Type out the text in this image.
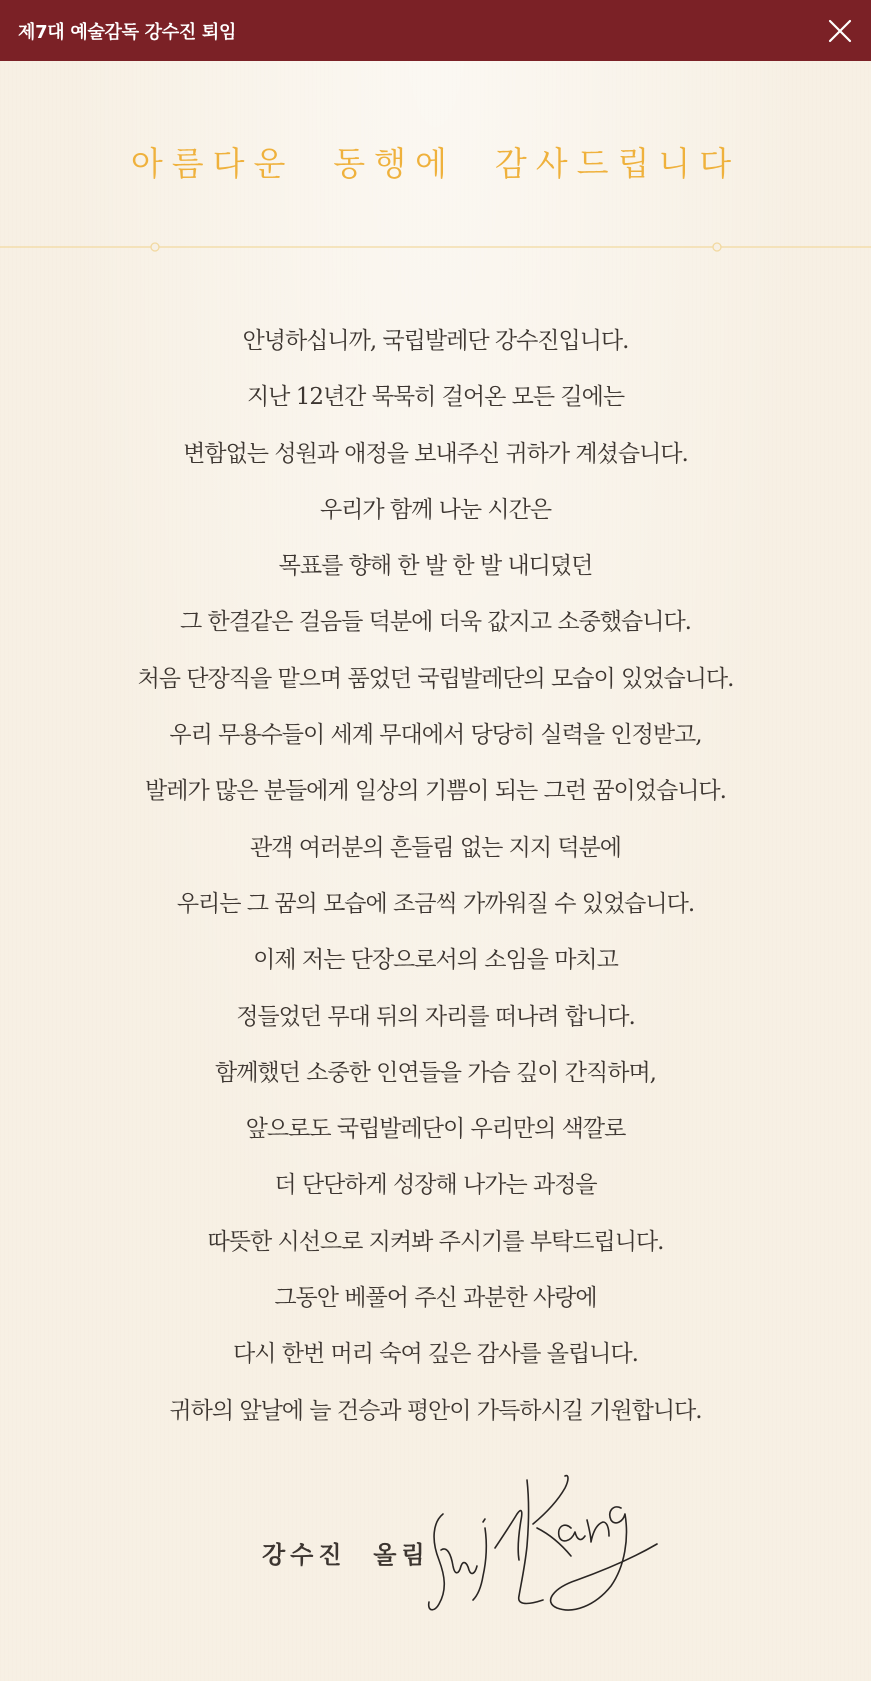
제7대 예술감독 강수진 퇴임
아름다운  동행에  감사드립니다
안녕하십니까, 국립발레단 강수진입니다.
지난 12년간 묵묵히 걸어온 모든 길에는
변함없는 성원과 애정을 보내주신 귀하가 계셨습니다.
우리가 함께 나눈 시간은
목표를 향해 한 발 한 발 내디뎠던
그 한결같은 걸음들 덕분에 더욱 값지고 소중했습니다.
처음 단장직을 맡으며 품었던 국립발레단의 모습이 있었습니다.
우리 무용수들이 세계 무대에서 당당히 실력을 인정받고,
발레가 많은 분들에게 일상의 기쁨이 되는 그런 꿈이었습니다.
관객 여러분의 흔들림 없는 지지 덕분에
우리는 그 꿈의 모습에 조금씩 가까워질 수 있었습니다.
이제 저는 단장으로서의 소임을 마치고
정들었던 무대 뒤의 자리를 떠나려 합니다.
함께했던 소중한 인연들을 가슴 깊이 간직하며,
앞으로도 국립발레단이 우리만의 색깔로
더 단단하게 성장해 나가는 과정을
따뜻한 시선으로 지켜봐 주시기를 부탁드립니다.
그동안 베풀어 주신 과분한 사랑에
다시 한번 머리 숙여 깊은 감사를 올립니다.
귀하의 앞날에 늘 건승과 평안이 가득하시길 기원합니다.
강수진  올림
